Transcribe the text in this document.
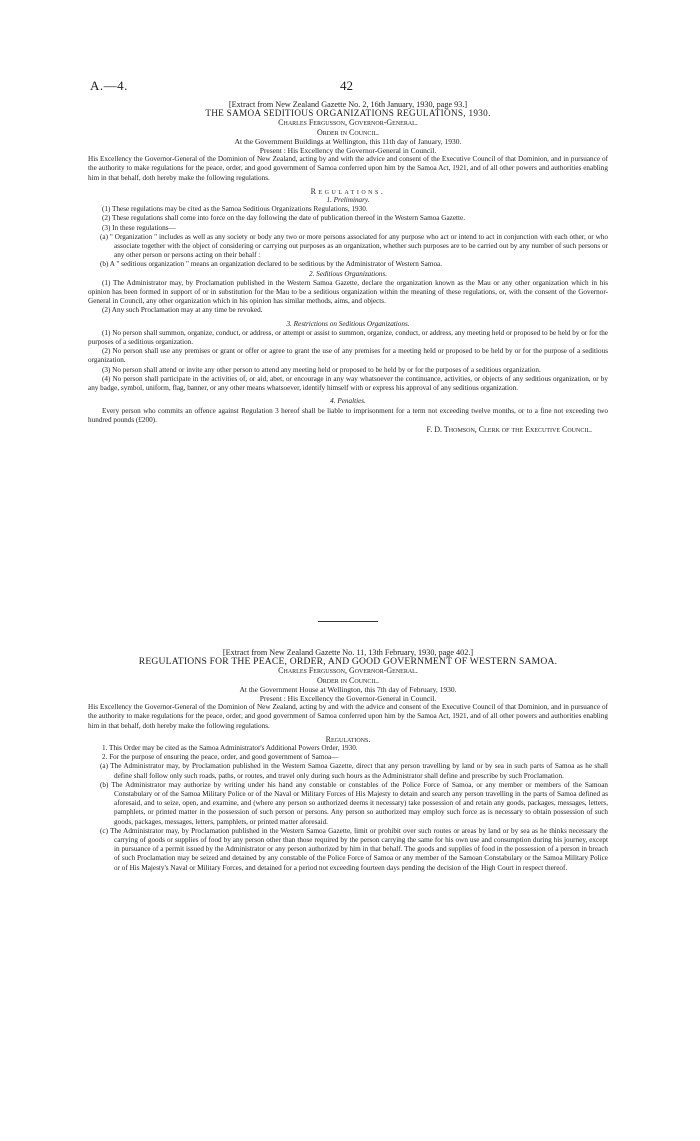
A.—4.	42

[Extract from New Zealand Gazette No. 2, 16th January, 1930, page 93.]

THE SAMOA SEDITIOUS ORGANIZATIONS REGULATIONS, 1930.

Charles Fergusson, Governor-General.

Order in Council.

At the Government Buildings at Wellington, this 11th day of January, 1930.

Present : His Excellency the Governor-General in Council.

His Excellency the Governor-General of the Dominion of New Zealand, acting by and with the advice and consent of the Executive Council of that Dominion, and in pursuance of the authority to make regulations for the peace, order, and good government of Samoa conferred upon him by the Samoa Act, 1921, and of all other powers and authorities enabling him in that behalf, doth hereby make the following regulations.

Regulations.

1. Preliminary.

(1) These regulations may be cited as the Samoa Seditious Organizations Regulations, 1930.

(2) These regulations shall come into force on the day following the date of publication thereof in the Western Samoa Gazette.

(3) In these regulations—

(a) " Organization " includes as well as any society or body any two or more persons associated for any purpose who act or intend to act in conjunction with each other, or who associate together with the object of considering or carrying out purposes as an organization, whether such purposes are to be carried out by any number of such persons or any other person or persons acting on their behalf :

(b) A " seditious organization " means an organization declared to be seditious by the Administrator of Western Samoa.

2. Seditious Organizations.

(1) The Administrator may, by Proclamation published in the Western Samoa Gazette, declare the organization known as the Mau or any other organization which in his opinion has been formed in support of or in substitution for the Mau to be a seditious organization within the meaning of these regulations, or, with the consent of the Governor-General in Council, any other organization which in his opinion has similar methods, aims, and objects.

(2) Any such Proclamation may at any time be revoked.

3. Restrictions on Seditious Organizations.

(1) No person shall summon, organize, conduct, or address, or attempt or assist to summon, organize, conduct, or address, any meeting held or proposed to be held by or for the purposes of a seditious organization.

(2) No person shall use any premises or grant or offer or agree to grant the use of any premises for a meeting held or proposed to be held by or for the purpose of a seditious organization.

(3) No person shall attend or invite any other person to attend any meeting held or proposed to be held by or for the purposes of a seditious organization.

(4) No person shall participate in the activities of, or aid, abet, or encourage in any way whatsoever the continuance, activities, or objects of any seditious organization, or by any badge, symbol, uniform, flag, banner, or any other means whatsoever, identify himself with or express his approval of any seditious organization.

4. Penalties.

Every person who commits an offence against Regulation 3 hereof shall be liable to imprisonment for a term not exceeding twelve months, or to a fine not exceeding two hundred pounds (£200).

F. D. Thomson, Clerk of the Executive Council.

[Extract from New Zealand Gazette No. 11, 13th February, 1930, page 402.]

REGULATIONS FOR THE PEACE, ORDER, AND GOOD GOVERNMENT OF WESTERN SAMOA.

Charles Fergusson, Governor-General.

Order in Council.

At the Government House at Wellington, this 7th day of February, 1930.

Present : His Excellency the Governor-General in Council.

His Excellency the Governor-General of the Dominion of New Zealand, acting by and with the advice and consent of the Executive Council of that Dominion, and in pursuance of the authority to make regulations for the peace, order, and good government of Samoa conferred upon him by the Samoa Act, 1921, and of all other powers and authorities enabling him in that behalf, doth hereby make the following regulations.

Regulations.

1. This Order may be cited as the Samoa Administrator's Additional Powers Order, 1930.

2. For the purpose of ensuring the peace, order, and good government of Samoa—

(a) The Administrator may, by Proclamation published in the Western Samoa Gazette, direct that any person travelling by land or by sea in such parts of Samoa as he shall define shall follow only such roads, paths, or routes, and travel only during such hours as the Administrator shall define and prescribe by such Proclamation.

(b) The Administrator may authorize by writing under his hand any constable or constables of the Police Force of Samoa, or any member or members of the Samoan Constabulary or of the Samoa Military Police or of the Naval or Military Forces of His Majesty to detain and search any person travelling in the parts of Samoa defined as aforesaid, and to seize, open, and examine, and (where any person so authorized deems it necessary) take possession of and retain any goods, packages, messages, letters, pamphlets, or printed matter in the possession of such person or persons. Any person so authorized may employ such force as is necessary to obtain possession of such goods, packages, messages, letters, pamphlets, or printed matter aforesaid.

(c) The Administrator may, by Proclamation published in the Western Samoa Gazette, limit or prohibit over such routes or areas by land or by sea as he thinks necessary the carrying of goods or supplies of food by any person other than those required by the person carrying the same for his own use and consumption during his journey, except in pursuance of a permit issued by the Administrator or any person authorized by him in that behalf. The goods and supplies of food in the possession of a person in breach of such Proclamation may be seized and detained by any constable of the Police Force of Samoa or any member of the Samoan Constabulary or the Samoa Military Police or of His Majesty's Naval or Military Forces, and detained for a period not exceeding fourteen days pending the decision of the High Court in respect thereof.
